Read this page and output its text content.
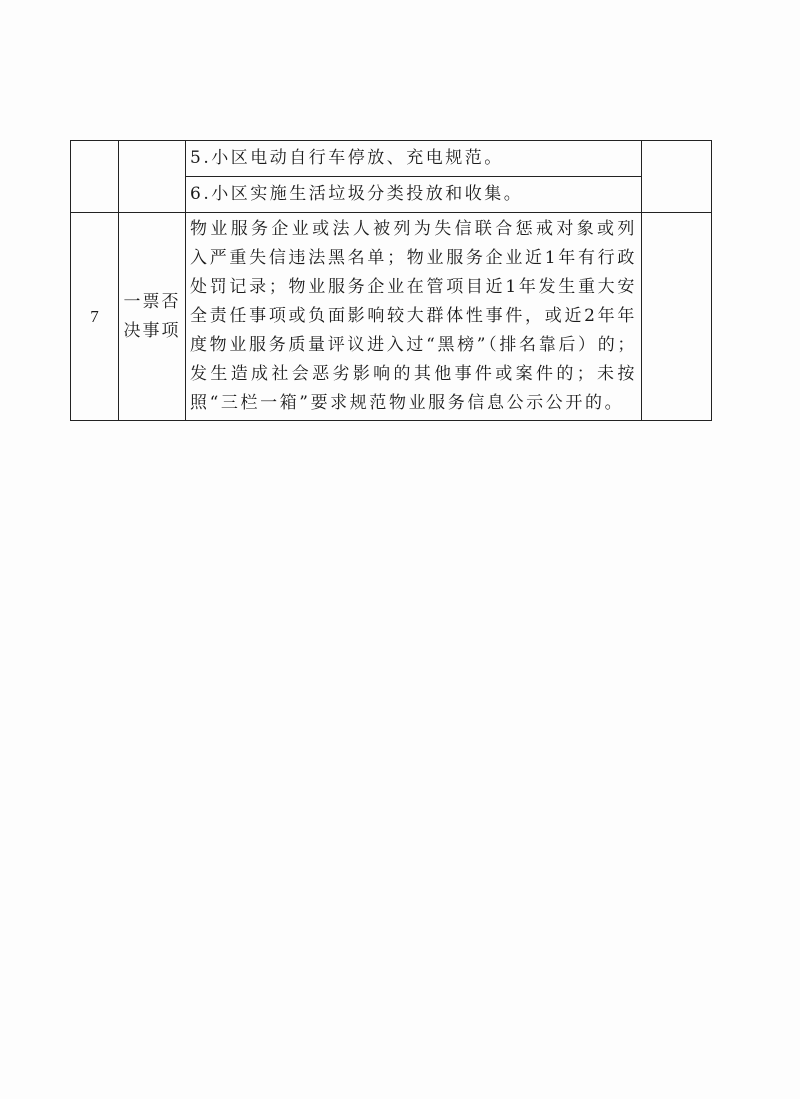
		5.小区电动自行车停放、充电规范。	
		6.小区实施生活垃圾分类投放和收集。	
7	一票否决事项	物业服务企业或法人被列为失信联合惩戒对象或列入严重失信违法黑名单；物业服务企业近1年有行政处罚记录；物业服务企业在管项目近1年发生重大安全责任事项或负面影响较大群体性事件，或近2年年度物业服务质量评议进入过“黑榜”（排名靠后）的；发生造成社会恶劣影响的其他事件或案件的；未按照“三栏一箱”要求规范物业服务信息公示公开的。	
